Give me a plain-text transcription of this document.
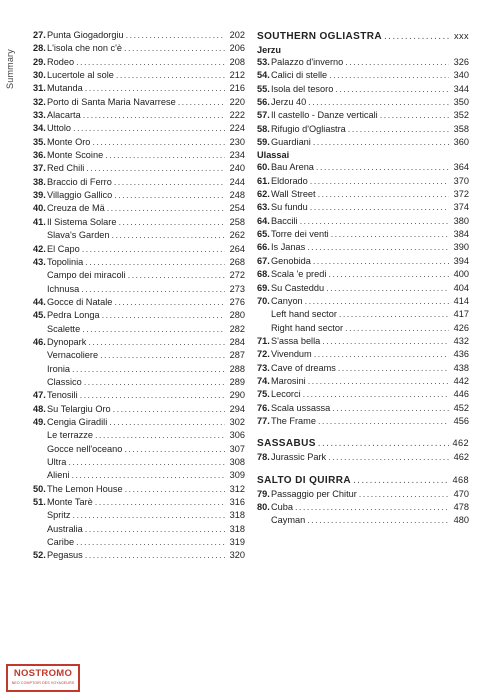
Summary
27. Punta Giogadorgiu .....	202
28. L'isola che non c'è .....	206
29. Rodeo .....	208
30. Lucertole al sole .....	212
31. Mutanda .....	216
32. Porto di Santa Maria Navarrese .....	220
33. Alacarta .....	222
34. Uttolo .....	224
35. Monte Oro .....	230
36. Monte Scoine .....	234
37. Red Chili .....	240
38. Braccio di Ferro .....	244
39. Villaggio Gallico .....	248
40. Creuza de Mä .....	254
41. Il Sistema Solare .....	258
Slava's Garden .....	262
42. El Capo .....	264
43. Topolinia .....	268
Campo dei miracoli .....	272
Ichnusa .....	273
44. Gocce di Natale .....	276
45. Pedra Longa .....	280
Scalette .....	282
46. Dynopark .....	284
Vernacoliere .....	287
Ironia .....	288
Classico .....	289
47. Tenosili .....	290
48. Su Telargiu Oro .....	294
49. Cengia Giradili .....	302
Le terrazze .....	306
Gocce nell'oceano .....	307
Ultra .....	308
Alieni .....	309
50. The Lemon House .....	312
51. Monte Tarè .....	316
Spritz .....	318
Australia .....	318
Caribe .....	319
52. Pegasus .....	320
SOUTHERN OGLIASTRA .....	xxx
Jerzu
53. Palazzo d'inverno .....	326
54. Calici di stelle .....	340
55. Isola del tesoro .....	344
56. Jerzu 40 .....	350
57. Il castello - Danze verticali .....	352
58. Rifugio d'Ogliastra .....	358
59. Guardiani .....	360
Ulassai
60. Bau Arena .....	364
61. Eldorado .....	370
62. Wall Street .....	372
63. Su fundu .....	374
64. Baccili .....	380
65. Torre dei venti .....	384
66. Is Janas .....	390
67. Genobida .....	394
68. Scala 'e predi .....	400
69. Su Casteddu .....	404
70. Canyon .....	414
Left hand sector .....	417
Right hand sector .....	426
71. S'assa bella .....	432
72. Vivendum .....	436
73. Cave of dreams .....	438
74. Marosini .....	442
75. Lecorci .....	446
76. Scala ussassa .....	452
77. The Frame .....	456
SASSABUS .....	462
78. Jurassic Park .....	462
SALTO DI QUIRRA .....	468
79. Passaggio per Chitur .....	470
80. Cuba .....	478
Cayman .....	480
NOSTROMO
NEO COMPTOIR DES VOYAGEURS
